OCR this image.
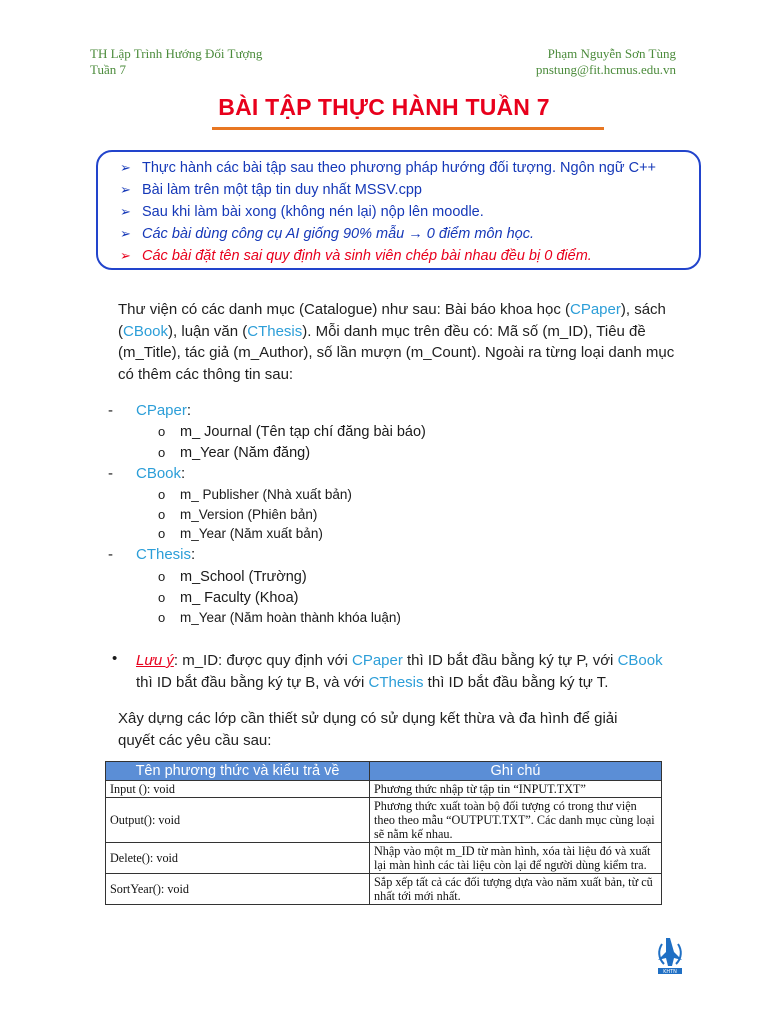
TH Lập Trình Hướng Đối Tượng
Tuần 7
Phạm Nguyễn Sơn Tùng
pnstung@fit.hcmus.edu.vn
BÀI TẬP THỰC HÀNH TUẦN 7
➢ Thực hành các bài tập sau theo phương pháp hướng đối tượng. Ngôn ngữ C++
➢ Bài làm trên một tập tin duy nhất MSSV.cpp
➢ Sau khi làm bài xong (không nén lại) nộp lên moodle.
➢ Các bài dùng công cụ AI giống 90% mẫu → 0 điểm môn học.
➢ Các bài đặt tên sai quy định và sinh viên chép bài nhau đều bị 0 điểm.
Thư viện có các danh mục (Catalogue) như sau: Bài báo khoa học (CPaper), sách (CBook), luận văn (CThesis). Mỗi danh mục trên đều có: Mã số (m_ID), Tiêu đề (m_Title), tác giả (m_Author), số lần mượn (m_Count). Ngoài ra từng loại danh mục có thêm các thông tin sau:
- CPaper:
o m_ Journal (Tên tạp chí đăng bài báo)
o m_Year (Năm đăng)
- CBook:
o m_ Publisher (Nhà xuất bản)
o m_Version (Phiên bản)
o m_Year (Năm xuất bản)
- CThesis:
o m_School (Trường)
o m_ Faculty (Khoa)
o m_Year (Năm hoàn thành khóa luận)
• Lưu ý: m_ID: được quy định với CPaper thì ID bắt đầu bằng ký tự P, với CBook thì ID bắt đầu bằng ký tự B, và với CThesis thì ID bắt đầu bằng ký tự T.
Xây dựng các lớp cần thiết sử dụng có sử dụng kết thừa và đa hình để giải quyết các yêu cầu sau:
Tên phương thức và kiểu trả về	Ghi chú
Input (): void	Phương thức nhập từ tập tin “INPUT.TXT”
Output(): void	Phương thức xuất toàn bộ đối tượng có trong thư viện theo theo mẫu “OUTPUT.TXT”. Các danh mục cùng loại sẽ nằm kế nhau.
Delete(): void	Nhập vào một m_ID từ màn hình, xóa tài liệu đó và xuất lại màn hình các tài liệu còn lại để người dùng kiểm tra.
SortYear(): void	Sắp xếp tất cả các đối tượng dựa vào năm xuất bản, từ cũ nhất tới mới nhất.
KHTN
